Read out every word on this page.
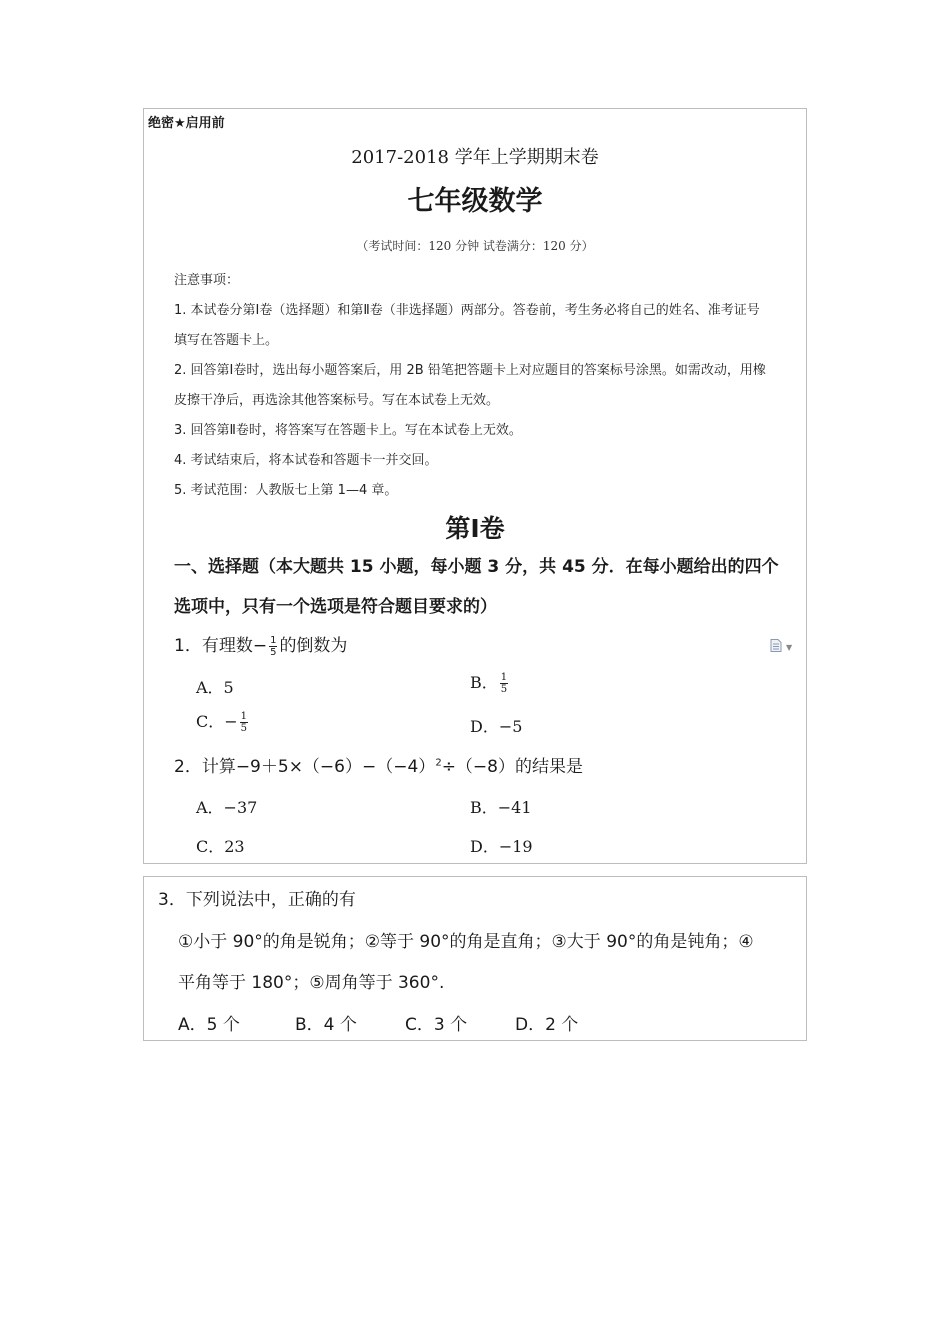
绝密★启用前
2017-2018 学年上学期期末卷
七年级数学
（考试时间：120 分钟 试卷满分：120 分）
注意事项：
1. 本试卷分第Ⅰ卷（选择题）和第Ⅱ卷（非选择题）两部分。答卷前，考生务必将自己的姓名、准考证号
填写在答题卡上。
2. 回答第Ⅰ卷时，选出每小题答案后，用 2B 铅笔把答题卡上对应题目的答案标号涂黑。如需改动，用橡
皮擦干净后，再选涂其他答案标号。写在本试卷上无效。
3. 回答第Ⅱ卷时，将答案写在答题卡上。写在本试卷上无效。
4. 考试结束后，将本试卷和答题卡一并交回。
5. 考试范围：人教版七上第 1—4 章。
第Ⅰ卷
一、选择题（本大题共 15 小题，每小题 3 分，共 45 分．在每小题给出的四个
选项中，只有一个选项是符合题目要求的）
1．有理数− $\frac{1}{5}$ 的倒数为	▼
A．5	B． $\frac{1}{5}$
C．− $\frac{1}{5}$	D．−5
2．计算$-9+5\times(-6)-(-4)^2\div(-8)$的结果是
A．−37	B．−41
C．23	D．−19
3．下列说法中，正确的有
①小于 90°的角是锐角；②等于 90°的角是直角；③大于 90°的角是钝角；④
平角等于 180°；⑤周角等于 360°.
A．5 个	B．4 个	C．3 个	D．2 个
